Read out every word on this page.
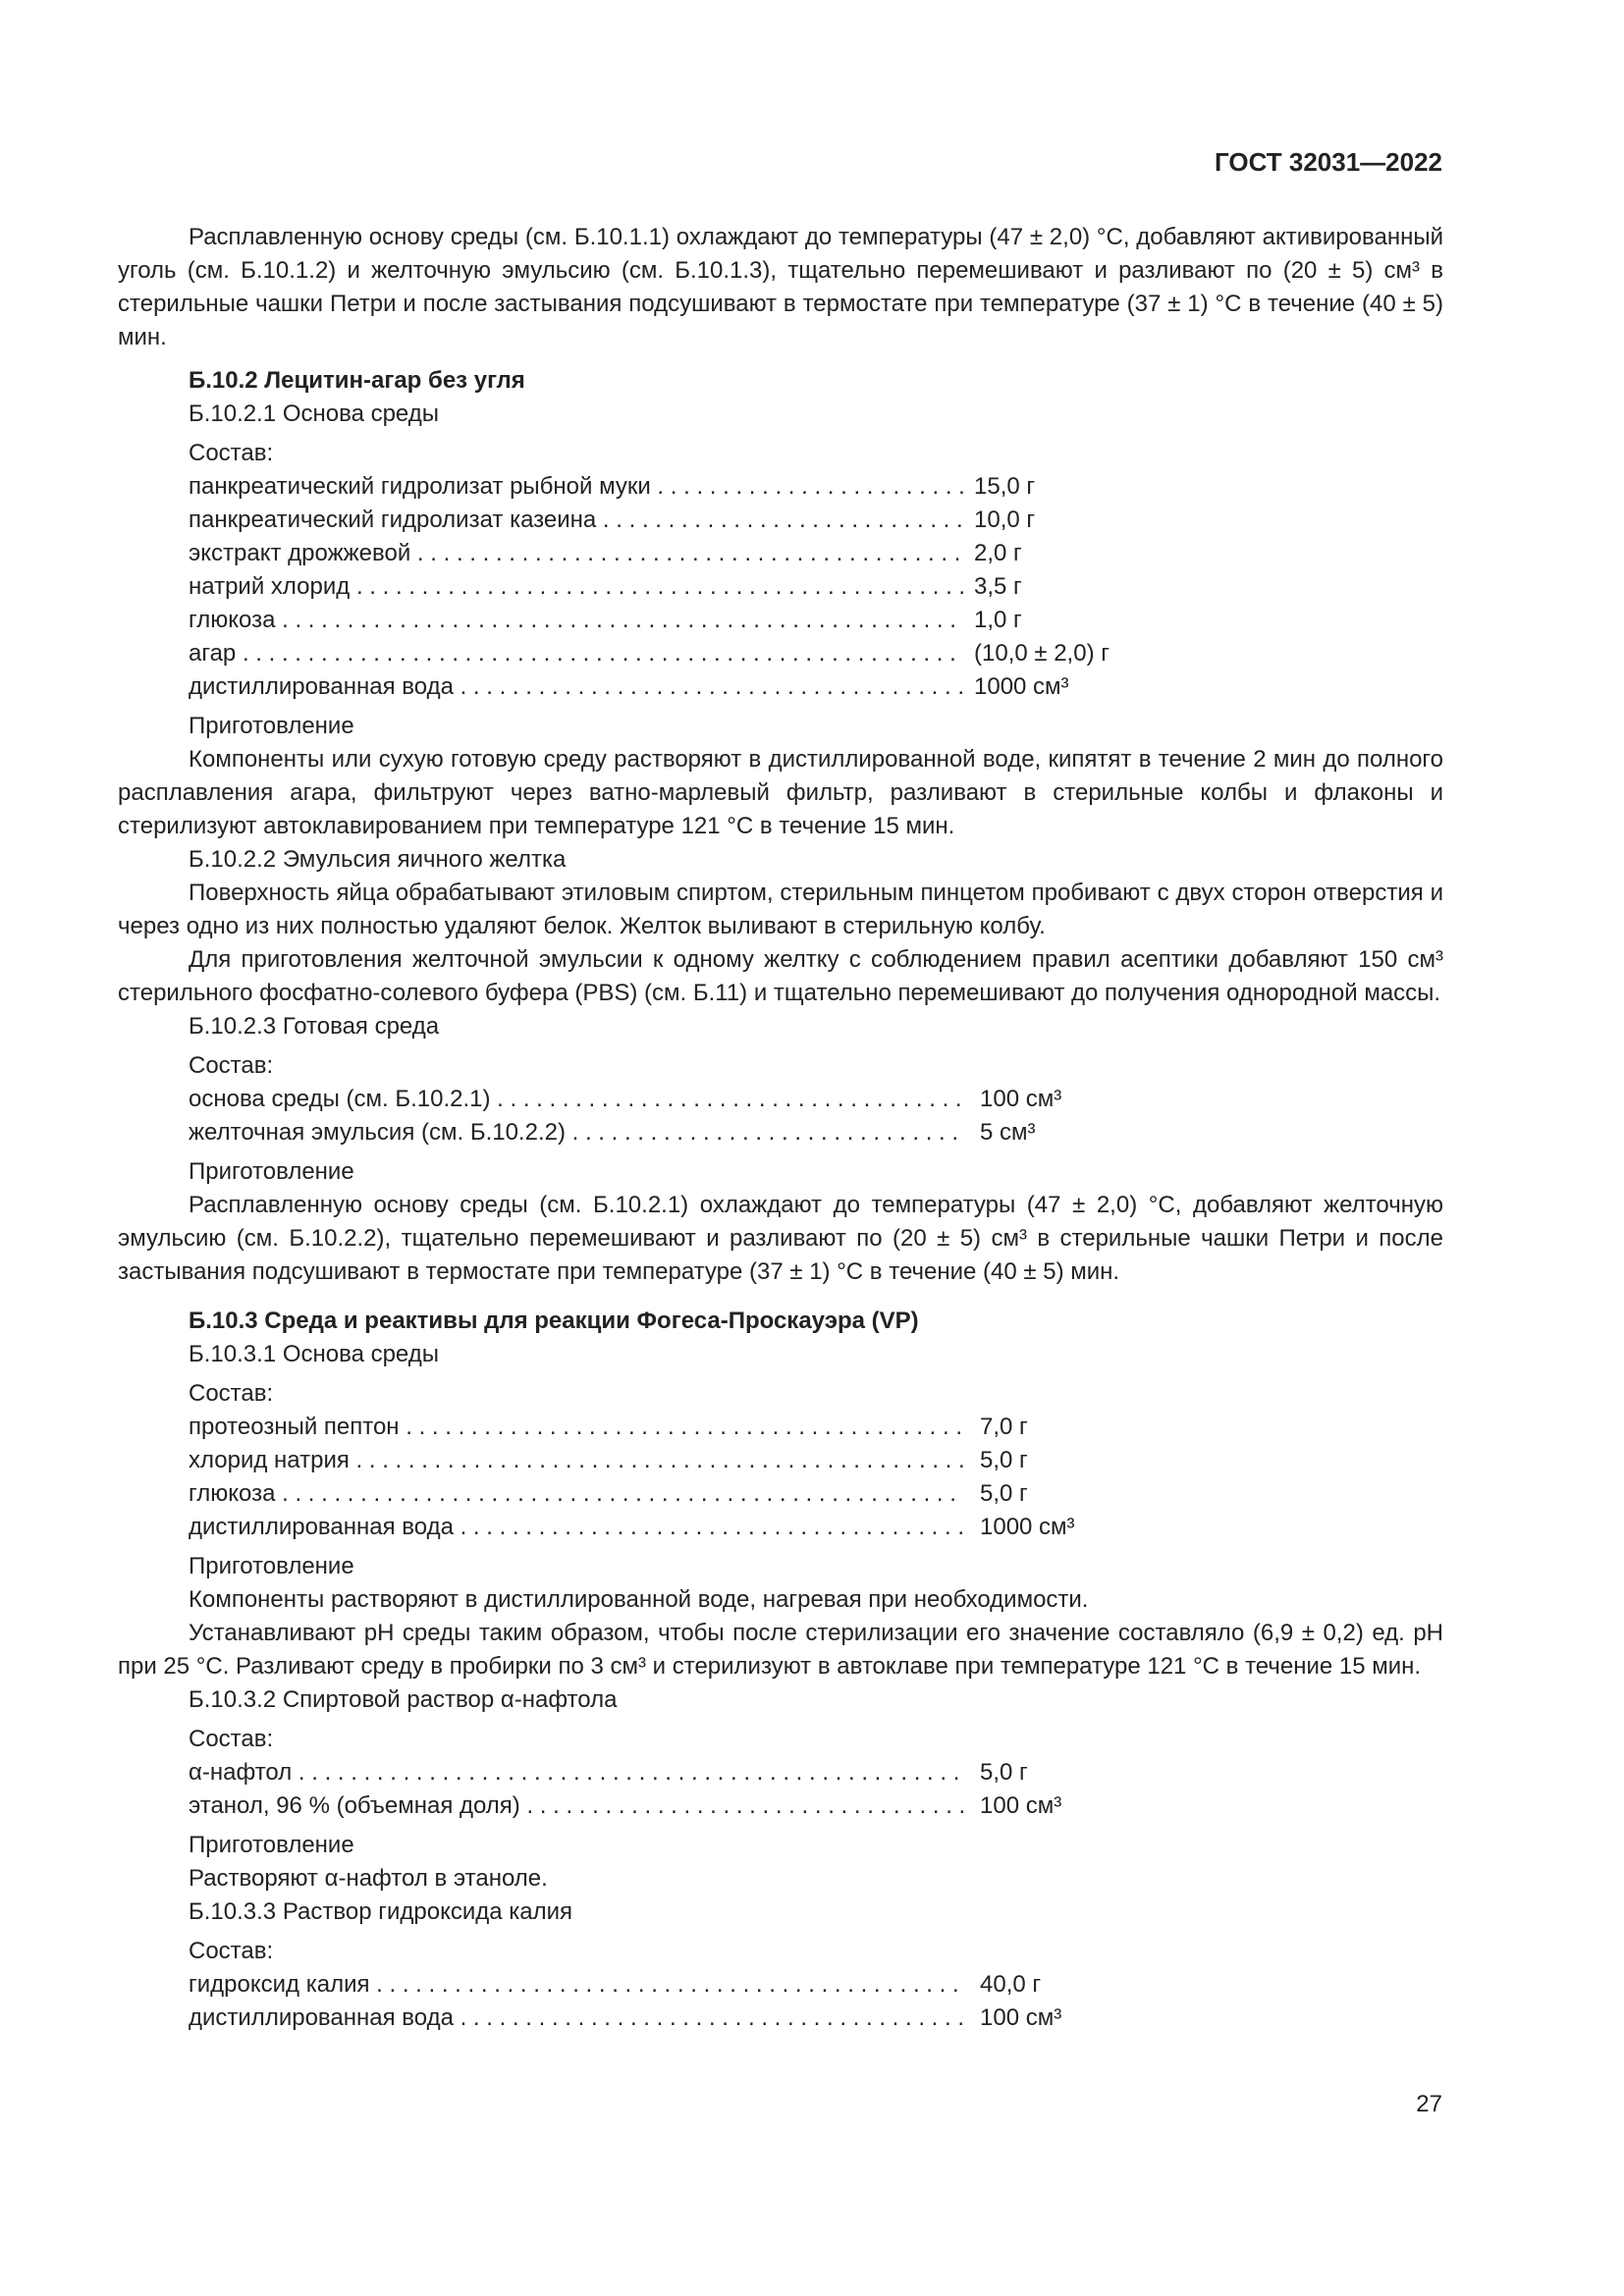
ГОСТ 32031—2022

Расплавленную основу среды (см. Б.10.1.1) охлаждают до температуры (47 ± 2,0) °С, добавляют активированный уголь (см. Б.10.1.2) и желточную эмульсию (см. Б.10.1.3), тщательно перемешивают и разливают по (20 ± 5) см³ в стерильные чашки Петри и после застывания подсушивают в термостате при температуре (37 ± 1) °С в течение (40 ± 5) мин.

Б.10.2 Лецитин-агар без угля

Б.10.2.1 Основа среды

Состав:

панкреатический гидролизат рыбной муки . . .	15,0 г
панкреатический гидролизат казеина . . .	10,0 г
экстракт дрожжевой . . .	2,0 г
натрий хлорид . . .	3,5 г
глюкоза . . .	1,0 г
агар . . .	(10,0 ± 2,0) г
дистиллированная вода . . .	1000 см³

Приготовление

Компоненты или сухую готовую среду растворяют в дистиллированной воде, кипятят в течение 2 мин до полного расплавления агара, фильтруют через ватно-марлевый фильтр, разливают в стерильные колбы и флаконы и стерилизуют автоклавированием при температуре 121 °С в течение 15 мин.

Б.10.2.2 Эмульсия яичного желтка

Поверхность яйца обрабатывают этиловым спиртом, стерильным пинцетом пробивают с двух сторон отверстия и через одно из них полностью удаляют белок. Желток выливают в стерильную колбу.

Для приготовления желточной эмульсии к одному желтку с соблюдением правил асептики добавляют 150 см³ стерильного фосфатно-солевого буфера (PBS) (см. Б.11) и тщательно перемешивают до получения однородной массы.

Б.10.2.3 Готовая среда

Состав:

основа среды (см. Б.10.2.1) . . .	100 см³
желточная эмульсия (см. Б.10.2.2) . . .	5 см³

Приготовление

Расплавленную основу среды (см. Б.10.2.1) охлаждают до температуры (47 ± 2,0) °С, добавляют желточную эмульсию (см. Б.10.2.2), тщательно перемешивают и разливают по (20 ± 5) см³ в стерильные чашки Петри и после застывания подсушивают в термостате при температуре (37 ± 1) °С в течение (40 ± 5) мин.

Б.10.3 Среда и реактивы для реакции Фогеса-Проскауэра (VP)

Б.10.3.1 Основа среды

Состав:

протеозный пептон . . .	7,0 г
хлорид натрия . . .	5,0 г
глюкоза . . .	5,0 г
дистиллированная вода . . .	1000 см³

Приготовление

Компоненты растворяют в дистиллированной воде, нагревая при необходимости.

Устанавливают рН среды таким образом, чтобы после стерилизации его значение составляло (6,9 ± 0,2) ед. рН при 25 °С. Разливают среду в пробирки по 3 см³ и стерилизуют в автоклаве при температуре 121 °С в течение 15 мин.

Б.10.3.2 Спиртовой раствор α-нафтола

Состав:

α-нафтол . . .	5,0 г
этанол, 96 % (объемная доля) . . .	100 см³

Приготовление

Растворяют α-нафтол в этаноле.

Б.10.3.3 Раствор гидроксида калия

Состав:

гидроксид калия . . .	40,0 г
дистиллированная вода . . .	100 см³
27
